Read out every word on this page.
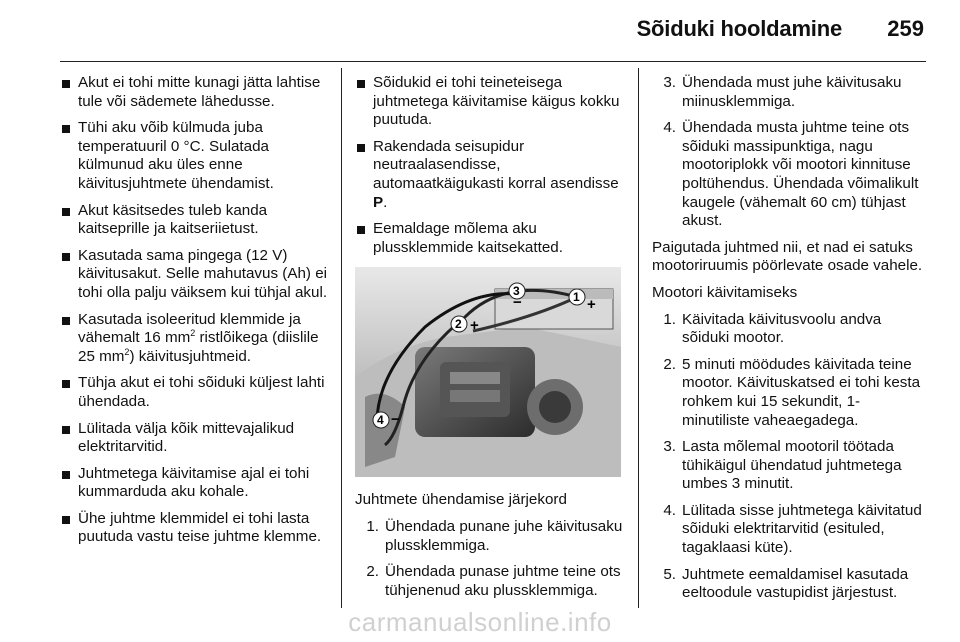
Sõiduki hooldamine 259
Akut ei tohi mitte kunagi jätta lahtise tule või sädemete lähedusse.
Tühi aku võib külmuda juba temperatuuril 0 °C. Sulatada külmunud aku üles enne käivitusjuhtmete ühendamist.
Akut käsitsedes tuleb kanda kaitseprille ja kaitseriietust.
Kasutada sama pingega (12 V) käivitusakut. Selle mahutavus (Ah) ei tohi olla palju väiksem kui tühjal akul.
Kasutada isoleeritud klemmide ja vähemalt 16 $mm^2$ ristlõikega (diislile 25 $mm^2$) käivitusjuhtmeid.
Tühja akut ei tohi sõiduki küljest lahti ühendada.
Lülitada välja kõik mittevajalikud elektritarvitid.
Juhtmetega käivitamise ajal ei tohi kummarduda aku kohale.
Ühe juhtme klemmidel ei tohi lasta puutuda vastu teise juhtme klemme.
Sõidukid ei tohi teineteisega juhtmetega käivitamise käigus kokku puutuda.
Rakendada seisupidur neutraalasendisse, automaatkäigukasti korral asendisse P.
Eemaldage mõlema aku plussklemmide kaitsekatted.
1 +
2 +
3
−
4 −
Juhtmete ühendamise järjekord
1. Ühendada punane juhe käivitusaku plussklemmiga.
2. Ühendada punase juhtme teine ots tühjenenud aku plussklemmiga.
3. Ühendada must juhe käivitusaku miinusklemmiga.
4. Ühendada musta juhtme teine ots sõiduki massipunktiga, nagu mootoriplokk või mootori kinnituse poltühendus. Ühendada võimalikult kaugele (vähemalt 60 cm) tühjast akust.
Paigutada juhtmed nii, et nad ei satuks mootoriruumis pöörlevate osade vahele.
Mootori käivitamiseks
1. Käivitada käivitusvoolu andva sõiduki mootor.
2. 5 minuti möödudes käivitada teine mootor. Käivituskatsed ei tohi kesta rohkem kui 15 sekundit, 1-minutiliste vaheaegadega.
3. Lasta mõlemal mootoril töötada tühikäigul ühendatud juhtmetega umbes 3 minutit.
4. Lülitada sisse juhtmetega käivitatud sõiduki elektritarvitid (esituled, tagaklaasi küte).
5. Juhtmete eemaldamisel kasutada eeltoodule vastupidist järjestust.
carmanualsonline.info
